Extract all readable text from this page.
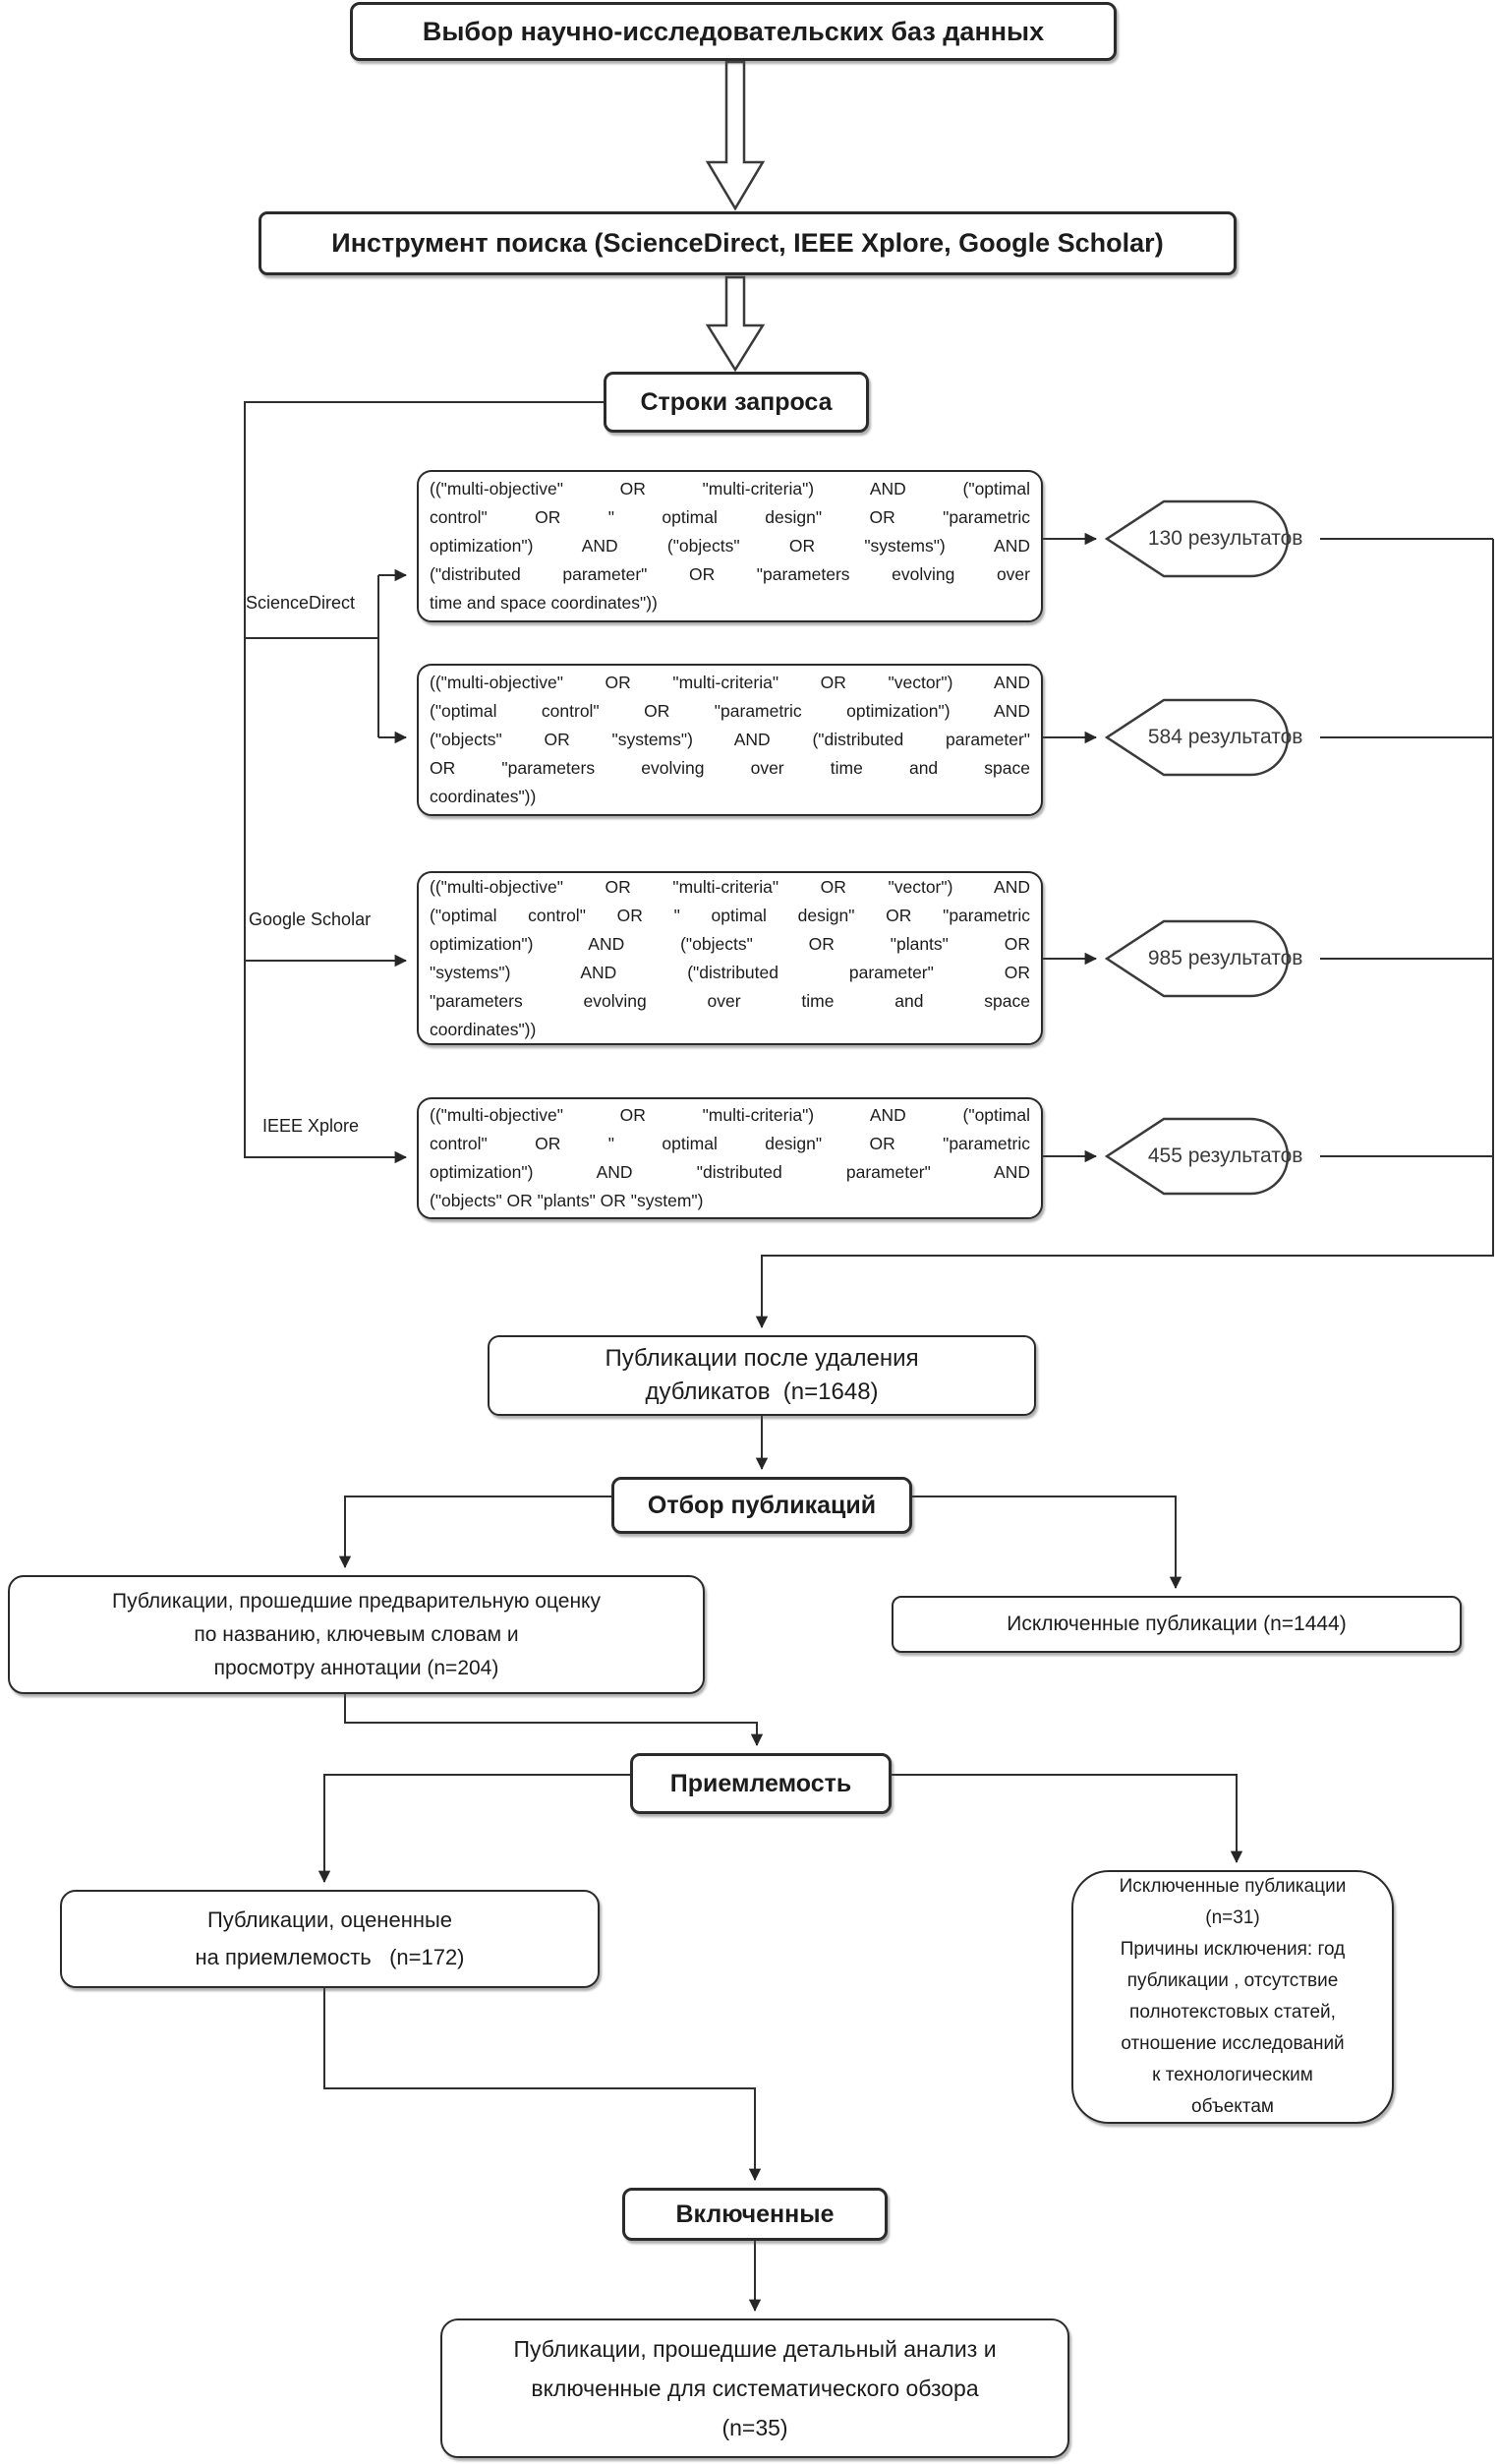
Выбор научно-исследовательских баз данных
Инструмент поиска (ScienceDirect, IEEE Xplore, Google Scholar)
Строки запроса
ScienceDirect
Google Scholar
IEEE Xplore
(("multi-objective" OR "multi-criteria") AND ("optimal
control" OR " optimal design" OR "parametric
optimization") AND ("objects" OR "systems") AND
("distributed parameter" OR "parameters evolving over
time and space coordinates"))
(("multi-objective" OR "multi-criteria" OR "vector") AND
("optimal control" OR "parametric optimization") AND
("objects" OR "systems") AND ("distributed parameter"
OR "parameters evolving over time and space
coordinates"))
(("multi-objective" OR "multi-criteria" OR "vector") AND
("optimal control" OR " optimal design" OR "parametric
optimization") AND ("objects" OR "plants" OR
"systems") AND ("distributed parameter" OR
"parameters evolving over time and space
coordinates"))
(("multi-objective" OR "multi-criteria") AND ("optimal
control" OR " optimal design" OR "parametric
optimization") AND "distributed parameter" AND
("objects" OR "plants" OR "system")
130 результатов
584 результатов
985 результатов
455 результатов
Публикации после удаления
дубликатов  (n=1648)
Отбор публикаций
Публикации, прошедшие предварительную оценку
по названию, ключевым словам и
просмотру аннотации (n=204)
Исключенные публикации (n=1444)
Приемлемость
Публикации, оцененные
на приемлемость   (n=172)
Исключенные публикации
(n=31)
Причины исключения: год
публикации , отсутствие
полнотекстовых статей,
отношение исследований
к технологическим
объектам
Включенные
Публикации, прошедшие детальный анализ и
включенные для систематического обзора
(n=35)
